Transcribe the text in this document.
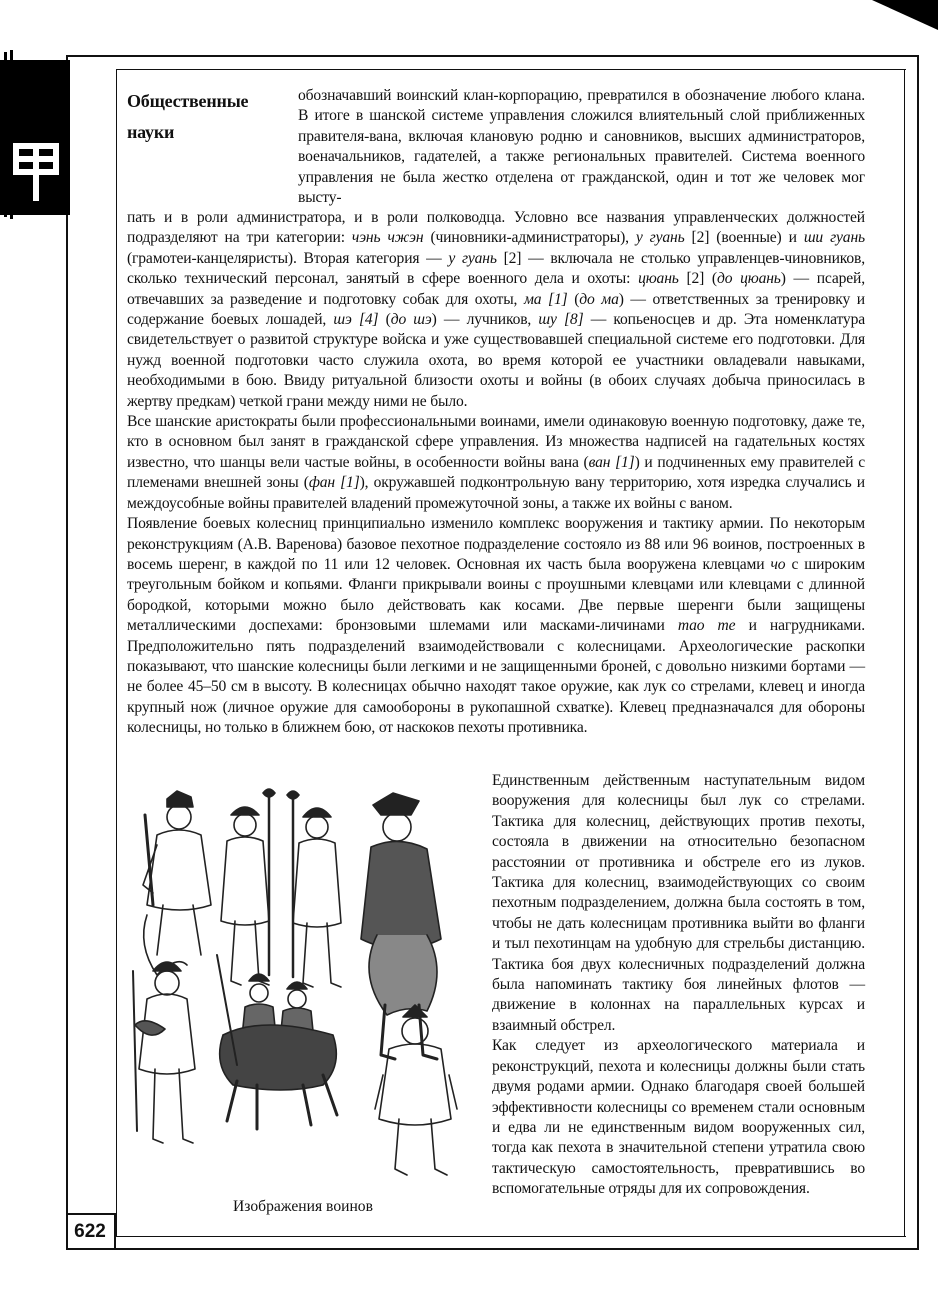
Общественные
науки

обозначавший воинский клан-корпорацию, превратился в обозначение любого клана. В итоге в шанской системе управления сложился влиятельный слой приближенных правителя-вана, включая клановую родню и сановников, высших администраторов, военачальников, гадателей, а также региональных правителей. Система военного управления не была жестко отделена от гражданской, один и тот же человек мог высту-

пать и в роли администратора, и в роли полководца. Условно все названия управленческих должностей подразделяют на три категории: чэнь чжэн (чиновники-администраторы), у гуань [2] (военные) и ши гуань (грамотеи-канцеляристы). Вторая категория — у гуань [2] — включала не столько управленцев-чиновников, сколько технический персонал, занятый в сфере военного дела и охоты: цюань [2] (до цюань) — псарей, отвечавших за разведение и подготовку собак для охоты, ма [1] (до ма) — ответственных за тренировку и содержание боевых лошадей, шэ [4] (до шэ) — лучников, шу [8] — копьеносцев и др. Эта номенклатура свидетельствует о развитой структуре войска и уже существовавшей специальной системе его подготовки. Для нужд военной подготовки часто служила охота, во время которой ее участники овладевали навыками, необходимыми в бою. Ввиду ритуальной близости охоты и войны (в обоих случаях добыча приносилась в жертву предкам) четкой грани между ними не было.

Все шанские аристократы были профессиональными воинами, имели одинаковую военную подготовку, даже те, кто в основном был занят в гражданской сфере управления. Из множества надписей на гадательных костях известно, что шанцы вели частые войны, в особенности войны вана (ван [1]) и подчиненных ему правителей с племенами внешней зоны (фан [1]), окружавшей подконтрольную вану территорию, хотя изредка случались и междоусобные войны правителей владений промежуточной зоны, а также их войны с ваном.

Появление боевых колесниц принципиально изменило комплекс вооружения и тактику армии. По некоторым реконструкциям (А.В. Варенова) базовое пехотное подразделение состояло из 88 или 96 воинов, построенных в восемь шеренг, в каждой по 11 или 12 человек. Основная их часть была вооружена клевцами чо с широким треугольным бойком и копьями. Фланги прикрывали воины с проушными клевцами или клевцами с длинной бородкой, которыми можно было действовать как косами. Две первые шеренги были защищены металлическими доспехами: бронзовыми шлемами или масками-личинами тао те и нагрудниками. Предположительно пять подразделений взаимодействовали с колесницами. Археологические раскопки показывают, что шанские колесницы были легкими и не защищенными броней, с довольно низкими бортами — не более 45–50 см в высоту. В колесницах обычно находят такое оружие, как лук со стрелами, клевец и иногда крупный нож (личное оружие для самообороны в рукопашной схватке). Клевец предназначался для обороны колесницы, но только в ближнем бою, от наскоков пехоты противника.

Изображения воинов

Единственным действенным наступательным видом вооружения для колесницы был лук со стрелами. Тактика для колесниц, действующих против пехоты, состояла в движении на относительно безопасном расстоянии от противника и обстреле его из луков. Тактика для колесниц, взаимодействующих со своим пехотным подразделением, должна была состоять в том, чтобы не дать колесницам противника выйти во фланги и тыл пехотинцам на удобную для стрельбы дистанцию. Тактика боя двух колесничных подразделений должна была напоминать тактику боя линейных флотов — движение в колоннах на параллельных курсах и взаимный обстрел.

Как следует из археологического материала и реконструкций, пехота и колесницы должны были стать двумя родами армии. Однако благодаря своей большей эффективности колесницы со временем стали основным и едва ли не единственным видом вооруженных сил, тогда как пехота в значительной степени утратила свою тактическую самостоятельность, превратившись во вспомогательные отряды для их сопровождения.

622
